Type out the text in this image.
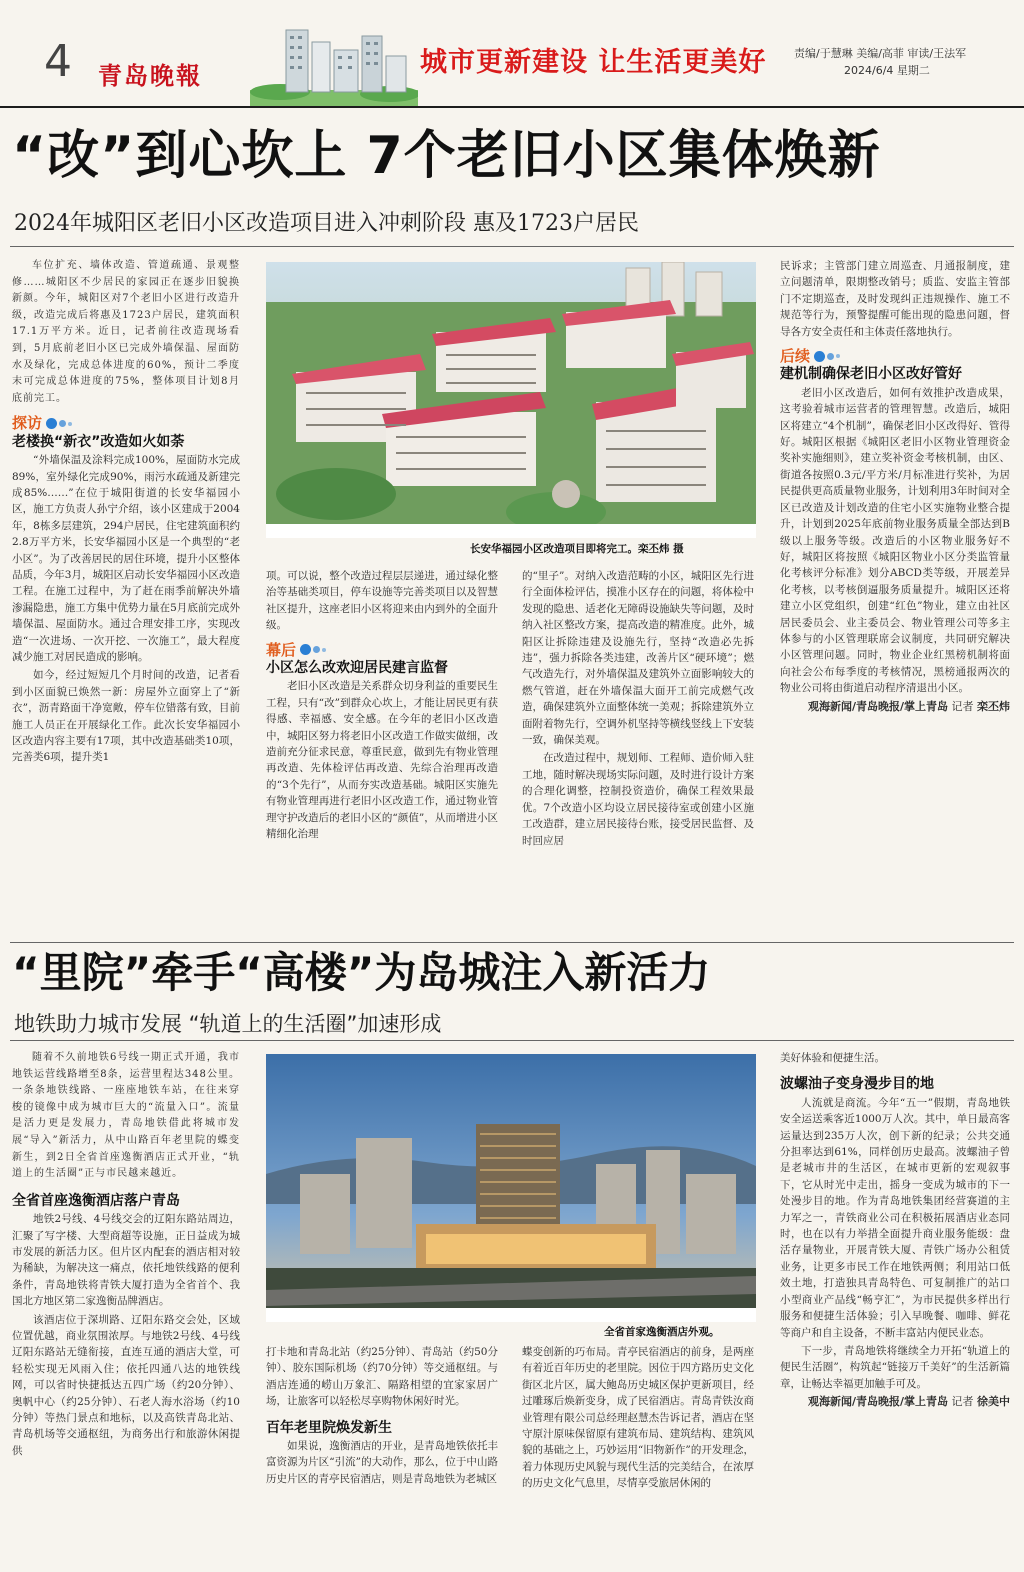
4 青岛晚報	城市更新建设 让生活更美好	责编/于慧琳 美编/高菲 审读/王法军
2024/6/4 星期二
“改”到心坎上 7个老旧小区集体焕新
2024年城阳区老旧小区改造项目进入冲刺阶段 惠及1723户居民

车位扩充、墙体改造、管道疏通、景观整修……城阳区不少居民的家园正在逐步旧貌换新颜。今年，城阳区对7个老旧小区进行改造升级，改造完成后将惠及1723户居民，建筑面积17.1万平方米。近日，记者前往改造现场看到，5月底前老旧小区已完成外墙保温、屋面防水及绿化，完成总体进度的60%，预计二季度末可完成总体进度的75%，整体项目计划8月底前完工。

探访

老楼换“新衣”改造如火如荼

“外墙保温及涂料完成100%，屋面防水完成89%，室外绿化完成90%，雨污水疏通及新建完成85%……”在位于城阳街道的长安华福园小区，施工方负责人孙宁介绍，该小区建成于2004年，8栋多层建筑，294户居民，住宅建筑面积约2.8万平方米，长安华福园小区是一个典型的“老小区”。为了改善居民的居住环境，提升小区整体品质，今年3月，城阳区启动长安华福园小区改造工程。在施工过程中，为了赶在雨季前解决外墙渗漏隐患，施工方集中优势力量在5月底前完成外墙保温、屋面防水。通过合理安排工序，实现改造“一次进场、一次开挖、一次施工”，最大程度减少施工对居民造成的影响。

如今，经过短短几个月时间的改造，记者看到小区面貌已焕然一新：房屋外立面穿上了“新衣”，沥青路面干净宽敞，停车位错落有致，目前施工人员正在开展绿化工作。此次长安华福园小区改造内容主要有17项，其中改造基础类10项，完善类6项，提升类1

长安华福园小区改造项目即将完工。栾丕炜 摄

项。可以说，整个改造过程层层递进，通过绿化整治等基础类项目，停车设施等完善类项目以及智慧社区提升，这座老旧小区将迎来由内到外的全面升级。

幕后

小区怎么改欢迎居民建言监督

老旧小区改造是关系群众切身利益的重要民生工程，只有“改”到群众心坎上，才能让居民更有获得感、幸福感、安全感。在今年的老旧小区改造中，城阳区努力将老旧小区改造工作做实做细，改造前充分征求民意，尊重民意，做到先有物业管理再改造、先体检评估再改造、先综合治理再改造的“3个先行”，从而夯实改造基础。城阳区实施先有物业管理再进行老旧小区改造工作，通过物业管理守护改造后的老旧小区的“颜值”，从而增进小区精细化治理

的“里子”。对纳入改造范畴的小区，城阳区先行进行全面体检评估，摸准小区存在的问题，将体检中发现的隐患、适老化无障碍设施缺失等问题，及时纳入社区整改方案，提高改造的精准度。此外，城阳区让拆除违建及设施先行，坚持“改造必先拆违”，强力拆除各类违建，改善片区“硬环境”；燃气改造先行，对外墙保温及建筑外立面影响较大的燃气管道，赶在外墙保温大面开工前完成燃气改造，确保建筑外立面整体统一美观；拆除建筑外立面附着物先行，空调外机坚持等横线竖线上下安装一致，确保美观。

在改造过程中，规划师、工程师、造价师入驻工地，随时解决现场实际问题，及时进行设计方案的合理化调整，控制投资造价，确保工程效果最优。7个改造小区均设立居民接待室或创建小区施工改造群，建立居民接待台账，接受居民监督、及时回应居

民诉求；主管部门建立周巡查、月通报制度，建立问题清单，限期整改销号；质监、安监主管部门不定期巡查，及时发现纠正违规操作、施工不规范等行为，预警提醒可能出现的隐患问题，督导各方安全责任和主体责任落地执行。

后续

建机制确保老旧小区改好管好

老旧小区改造后，如何有效推护改造成果，这考验着城市运营者的管理智慧。改造后，城阳区将建立“4个机制”，确保老旧小区改得好、管得好。城阳区根据《城阳区老旧小区物业管理资金奖补实施细则》，建立奖补资金考核机制，由区、街道各按照0.3元/平方米/月标准进行奖补，为居民提供更高质量物业服务，计划利用3年时间对全区已改造及计划改造的住宅小区实施物业整合提升，计划到2025年底前物业服务质量全部达到B级以上服务等级。改造后的小区物业服务好不好，城阳区将按照《城阳区物业小区分类监管量化考核评分标准》划分ABCD类等级，开展差异化考核，以考核倒逼服务质量提升。城阳区还将建立小区党组织，创建“红色”物业，建立由社区居民委员会、业主委员会、物业管理公司等多主体参与的小区管理联席会议制度，共同研究解决小区管理问题。同时，物业企业红黑榜机制将面向社会公布每季度的考核情况，黑榜通报两次的物业公司将由街道启动程序清退出小区。

观海新闻/青岛晚报/掌上青岛 记者 栾丕炜

“里院”牵手“高楼”为岛城注入新活力
地铁助力城市发展 “轨道上的生活圈”加速形成

随着不久前地铁6号线一期正式开通，我市地铁运营线路增至8条，运营里程达348公里。一条条地铁线路、一座座地铁车站，在往来穿梭的镜像中成为城市巨大的“流量入口”。流量是活力更是发展力，青岛地铁借此将城市发展“导入”新活力，从中山路百年老里院的蝶变新生，到2日全省首座逸衡酒店正式开业，“轨道上的生活圈”正与市民越来越近。

全省首座逸衡酒店落户青岛

地铁2号线、4号线交会的辽阳东路站周边，汇聚了写字楼、大型商超等设施，正日益成为城市发展的新活力区。但片区内配套的酒店相对较为稀缺，为解决这一痛点，依托地铁线路的便利条件，青岛地铁将青铁大厦打造为全省首个、我国北方地区第二家逸衡品牌酒店。

该酒店位于深圳路、辽阳东路交会处，区域位置优越，商业氛围浓厚。与地铁2号线、4号线辽阳东路站无缝衔接，直连互通的酒店大堂，可轻松实现无风雨入住；依托四通八达的地铁线网，可以省时快捷抵达五四广场（约20分钟）、奥帆中心（约25分钟）、石老人海水浴场（约10分钟）等热门景点和地标，以及高铁青岛北站、青岛机场等交通枢纽，为商务出行和旅游休闲提供

全省首家逸衡酒店外观。

打卡地和青岛北站（约25分钟）、青岛站（约50分钟）、胶东国际机场（约70分钟）等交通枢纽。与酒店连通的崂山万象汇、隔路相望的宜家家居广场，让旅客可以轻松尽享购物休闲好时光。

百年老里院焕发新生

如果说，逸衡酒店的开业，是青岛地铁依托丰富资源为片区“引流”的大动作，那么，位于中山路历史片区的青亭民宿酒店，则是青岛地铁为老城区

蝶变创新的巧布局。青亭民宿酒店的前身，是两座有着近百年历史的老里院。因位于四方路历史文化街区北片区，属大鲍岛历史城区保护更新项目，经过雕琢后焕新变身，成了民宿酒店。青岛青铁汝商业管理有限公司总经理赵慧杰告诉记者，酒店在坚守原汁原味保留原有建筑布局、建筑结构、建筑风貌的基础之上，巧妙运用“旧物新作”的开发理念，着力体现历史风貌与现代生活的完美结合，在浓厚的历史文化气息里，尽情享受旅居休闲的

美好体验和便捷生活。

波螺油子变身漫步目的地

人流就是商流。今年“五一”假期，青岛地铁安全运送乘客近1000万人次。其中，单日最高客运量达到235万人次，创下新的纪录；公共交通分担率达到61%，同样创历史最高。波螺油子曾是老城市井的生活区，在城市更新的宏观叙事下，它从时光中走出，摇身一变成为城市的下一处漫步目的地。作为青岛地铁集团经营赛道的主力军之一，青铁商业公司在积极拓展酒店业态同时，也在以有力举措全面提升商业服务能级：盘活存量物业，开展青铁大厦、青铁广场办公租赁业务，让更多市民工作在地铁两侧；利用站口低效土地，打造独具青岛特色、可复制推广的站口小型商业产品线“畅亨汇”，为市民提供多样出行服务和便捷生活体验；引入早晚餐、咖啡、鲜花等商户和自主设备，不断丰富站内便民业态。

下一步，青岛地铁将继续全力开拓“轨道上的便民生活圈”，构筑起“链接万千美好”的生活新篇章，让畅达幸福更加触手可及。

观海新闻/青岛晚报/掌上青岛 记者 徐美中
